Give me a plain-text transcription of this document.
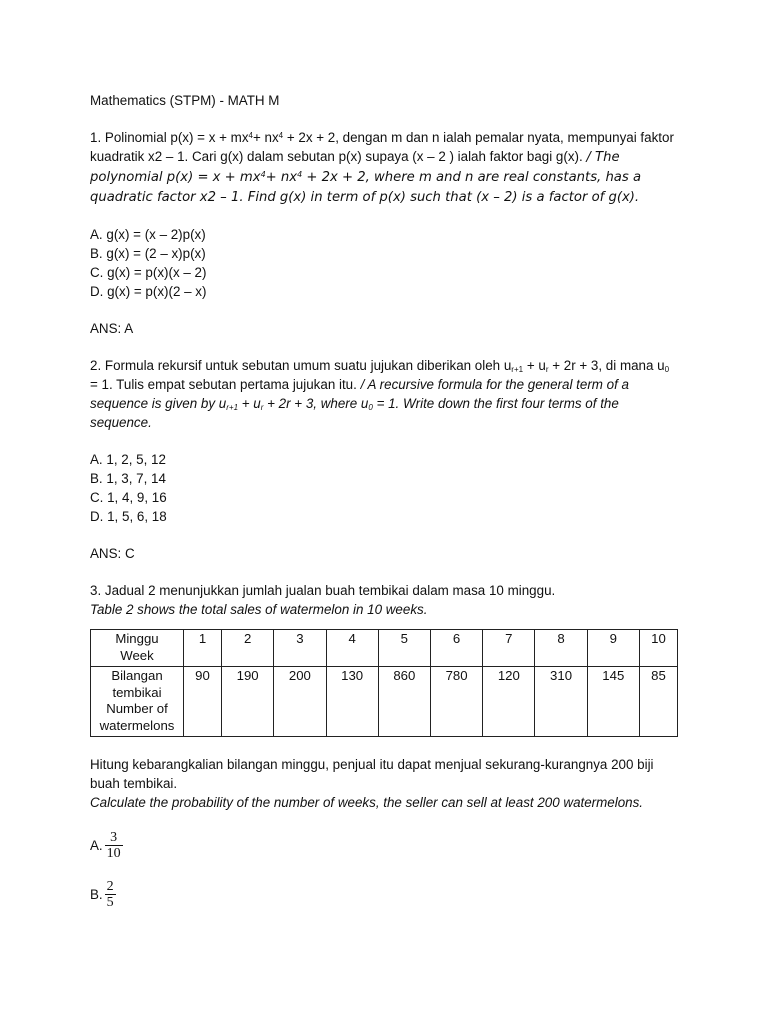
Mathematics (STPM) - MATH M

1. Polinomial $p(x) = x + mx^4+ nx^4 + 2x + 2$, dengan m dan n ialah pemalar nyata, mempunyai faktor kuadratik x2 – 1. Cari g(x) dalam sebutan p(x) supaya (x – 2 ) ialah faktor bagi g(x). / The polynomial $p(x) = x + mx^4+ nx^4 + 2x + 2$, where m and n are real constants, has a quadratic factor x2 – 1. Find g(x) in term of p(x) such that (x – 2) is a factor of g(x).

A. g(x) = (x – 2)p(x)

B. g(x) = (2 – x)p(x)

C. g(x) = p(x)(x – 2)

D. g(x) = p(x)(2 – x)

ANS: A

2. Formula rekursif untuk sebutan umum suatu jujukan diberikan oleh $u_{r+1} + u_r + 2r + 3$, di mana $u_0 = 1$. Tulis empat sebutan pertama jujukan itu. / A recursive formula for the general term of a sequence is given by $u_{r+1} + u_r + 2r + 3$, where $u_0 = 1$. Write down the first four terms of the sequence.

A. 1, 2, 5, 12

B. 1, 3, 7, 14

C. 1, 4, 9, 16

D. 1, 5, 6, 18

ANS: C

3. Jadual 2 menunjukkan jumlah jualan buah tembikai dalam masa 10 minggu.

Table 2 shows the total sales of watermelon in 10 weeks.

Minggu
Week	1	2	3	4	5	6	7	8	9	10

Bilangan
tembikai
Number of
watermelons	90	190	200	130	860	780	120	310	145	85

Hitung kebarangkalian bilangan minggu, penjual itu dapat menjual sekurang-kurangnya 200 biji buah tembikai.

Calculate the probability of the number of weeks, the seller can sell at least 200 watermelons.

A. $\frac{3}{10}$
B. $\frac{2}{5}$
